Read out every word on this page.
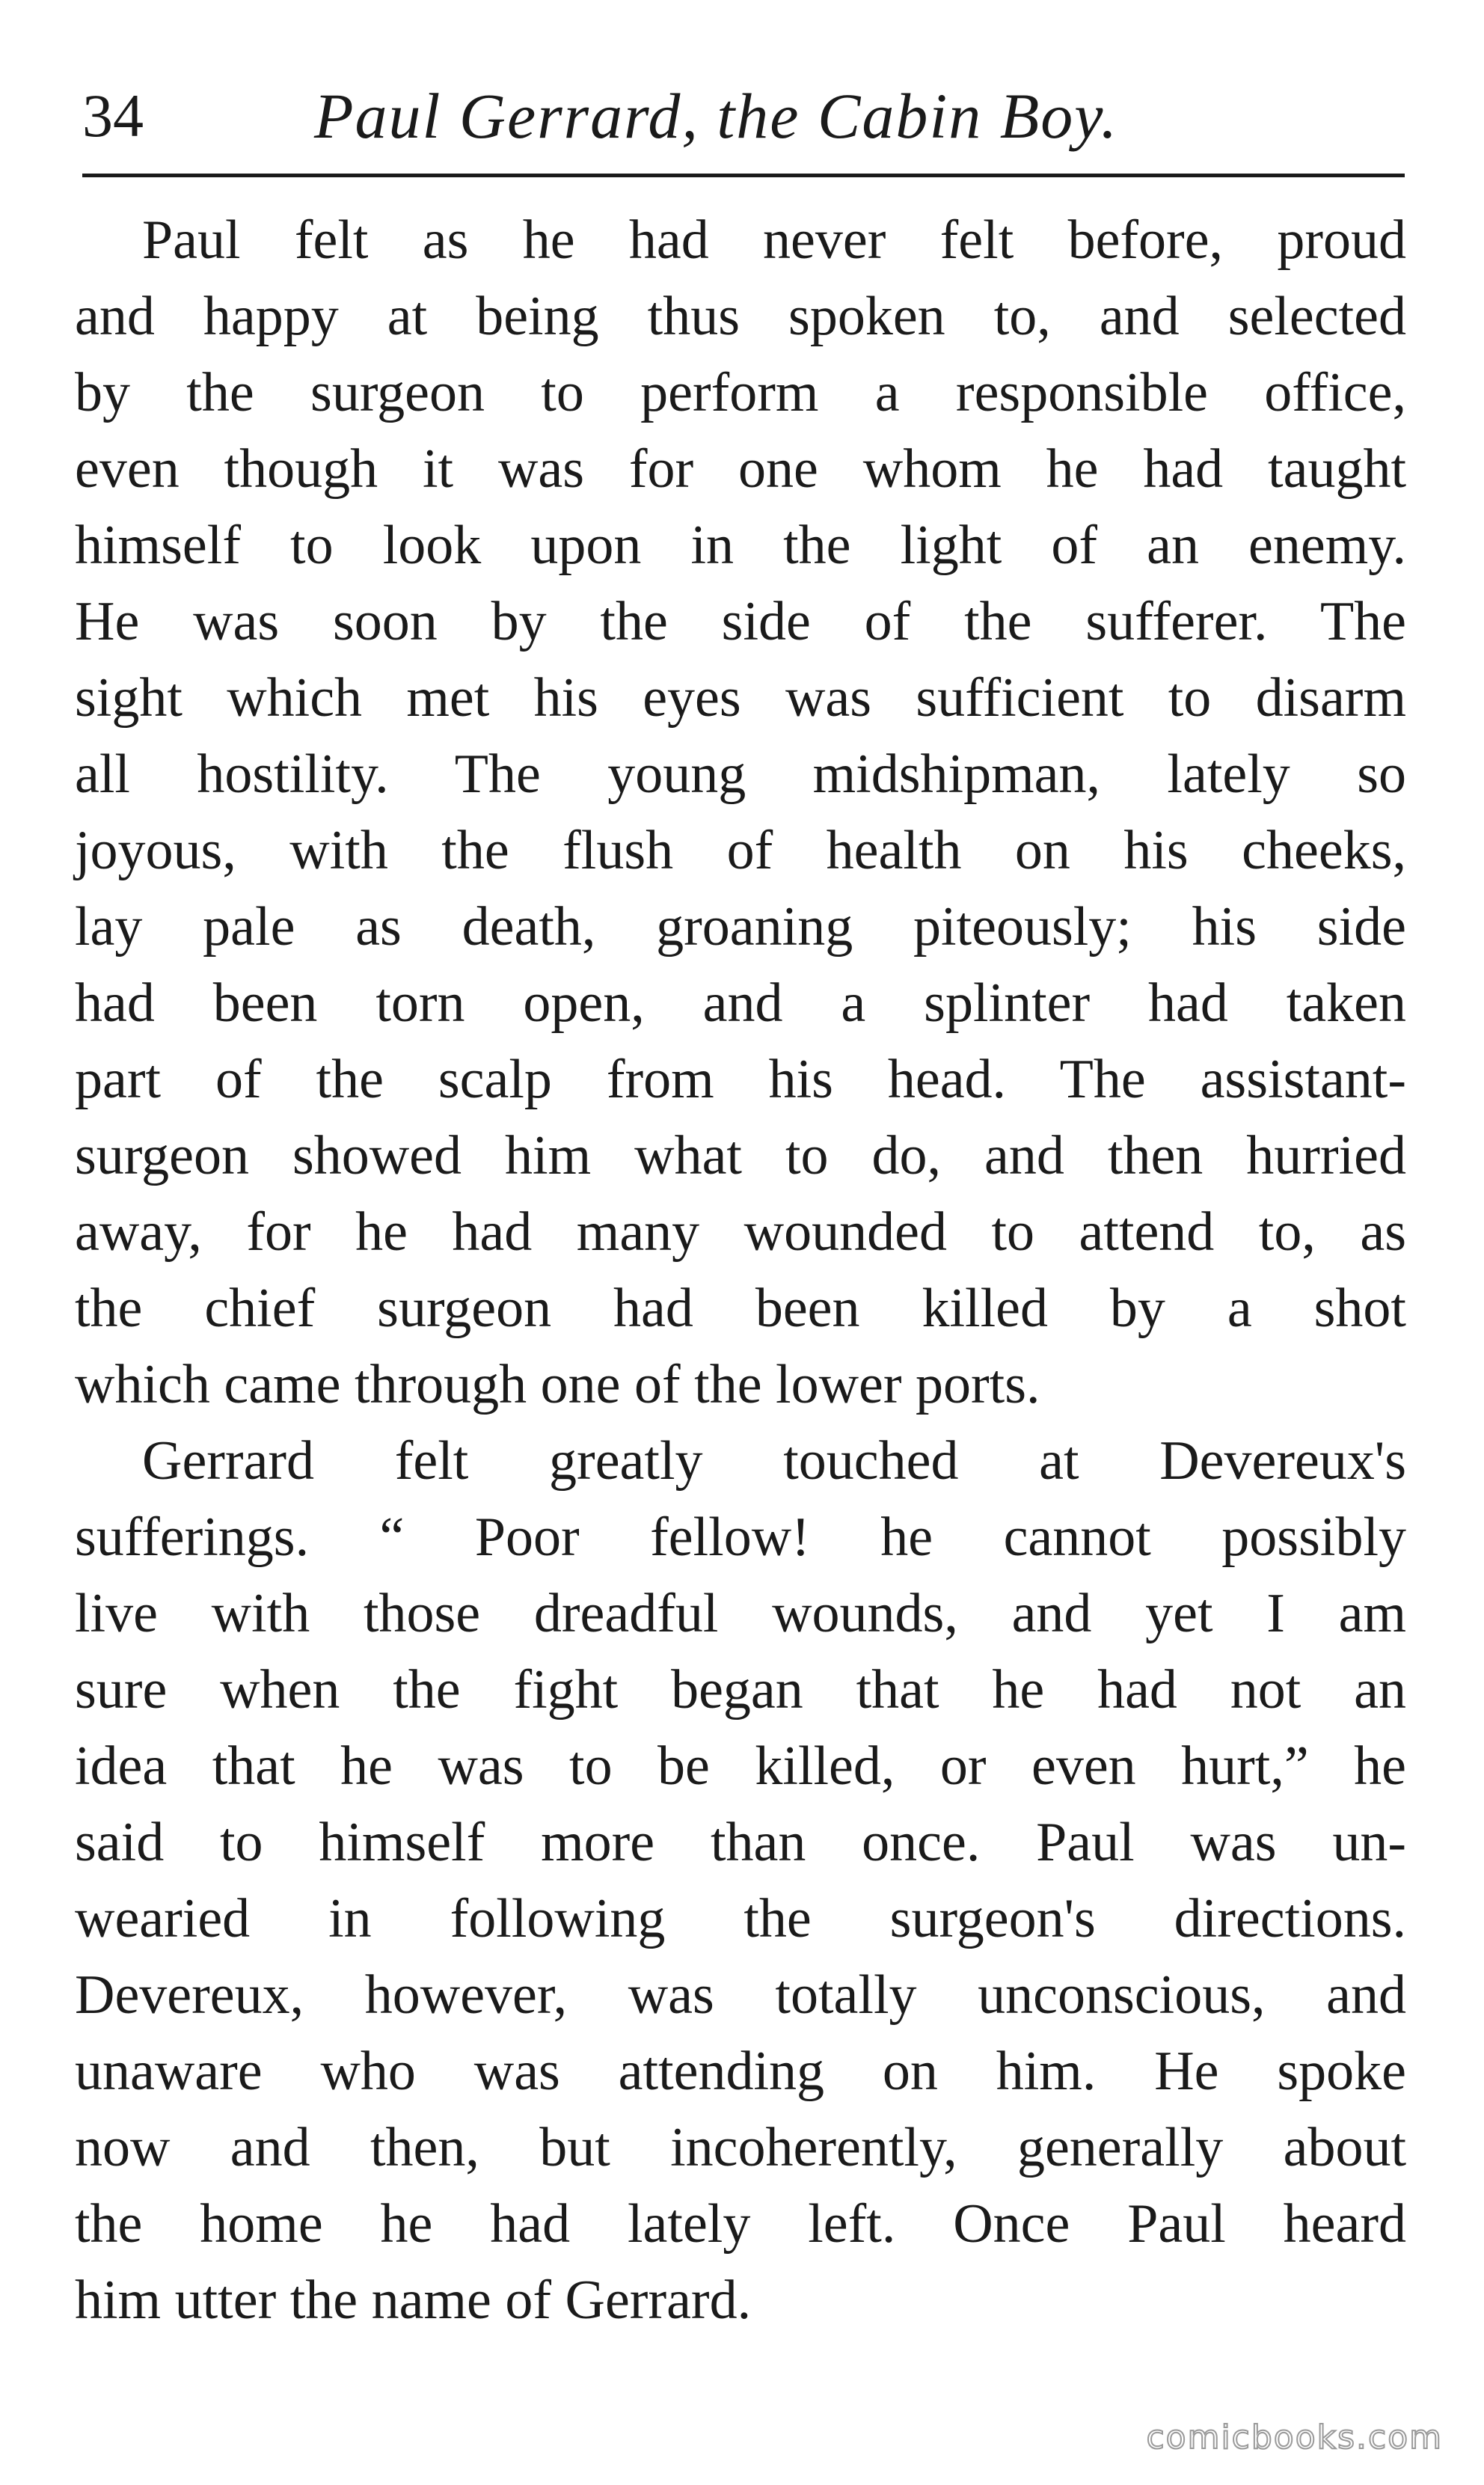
34	Paul Gerrard, the Cabin Boy.
Paul felt as he had never felt before, proud
and happy at being thus spoken to, and selected
by the surgeon to perform a responsible office,
even though it was for one whom he had taught
himself to look upon in the light of an enemy.
He was soon by the side of the sufferer. The
sight which met his eyes was sufficient to disarm
all hostility. The young midshipman, lately so
joyous, with the flush of health on his cheeks,
lay pale as death, groaning piteously; his side
had been torn open, and a splinter had taken
part of the scalp from his head. The assistant-
surgeon showed him what to do, and then hurried
away, for he had many wounded to attend to, as
the chief surgeon had been killed by a shot
which came through one of the lower ports.
Gerrard felt greatly touched at Devereux's
sufferings. “ Poor fellow! he cannot possibly
live with those dreadful wounds, and yet I am
sure when the fight began that he had not an
idea that he was to be killed, or even hurt,” he
said to himself more than once. Paul was un-
wearied in following the surgeon's directions.
Devereux, however, was totally unconscious, and
unaware who was attending on him. He spoke
now and then, but incoherently, generally about
the home he had lately left. Once Paul heard
him utter the name of Gerrard.
comicbooks.com
